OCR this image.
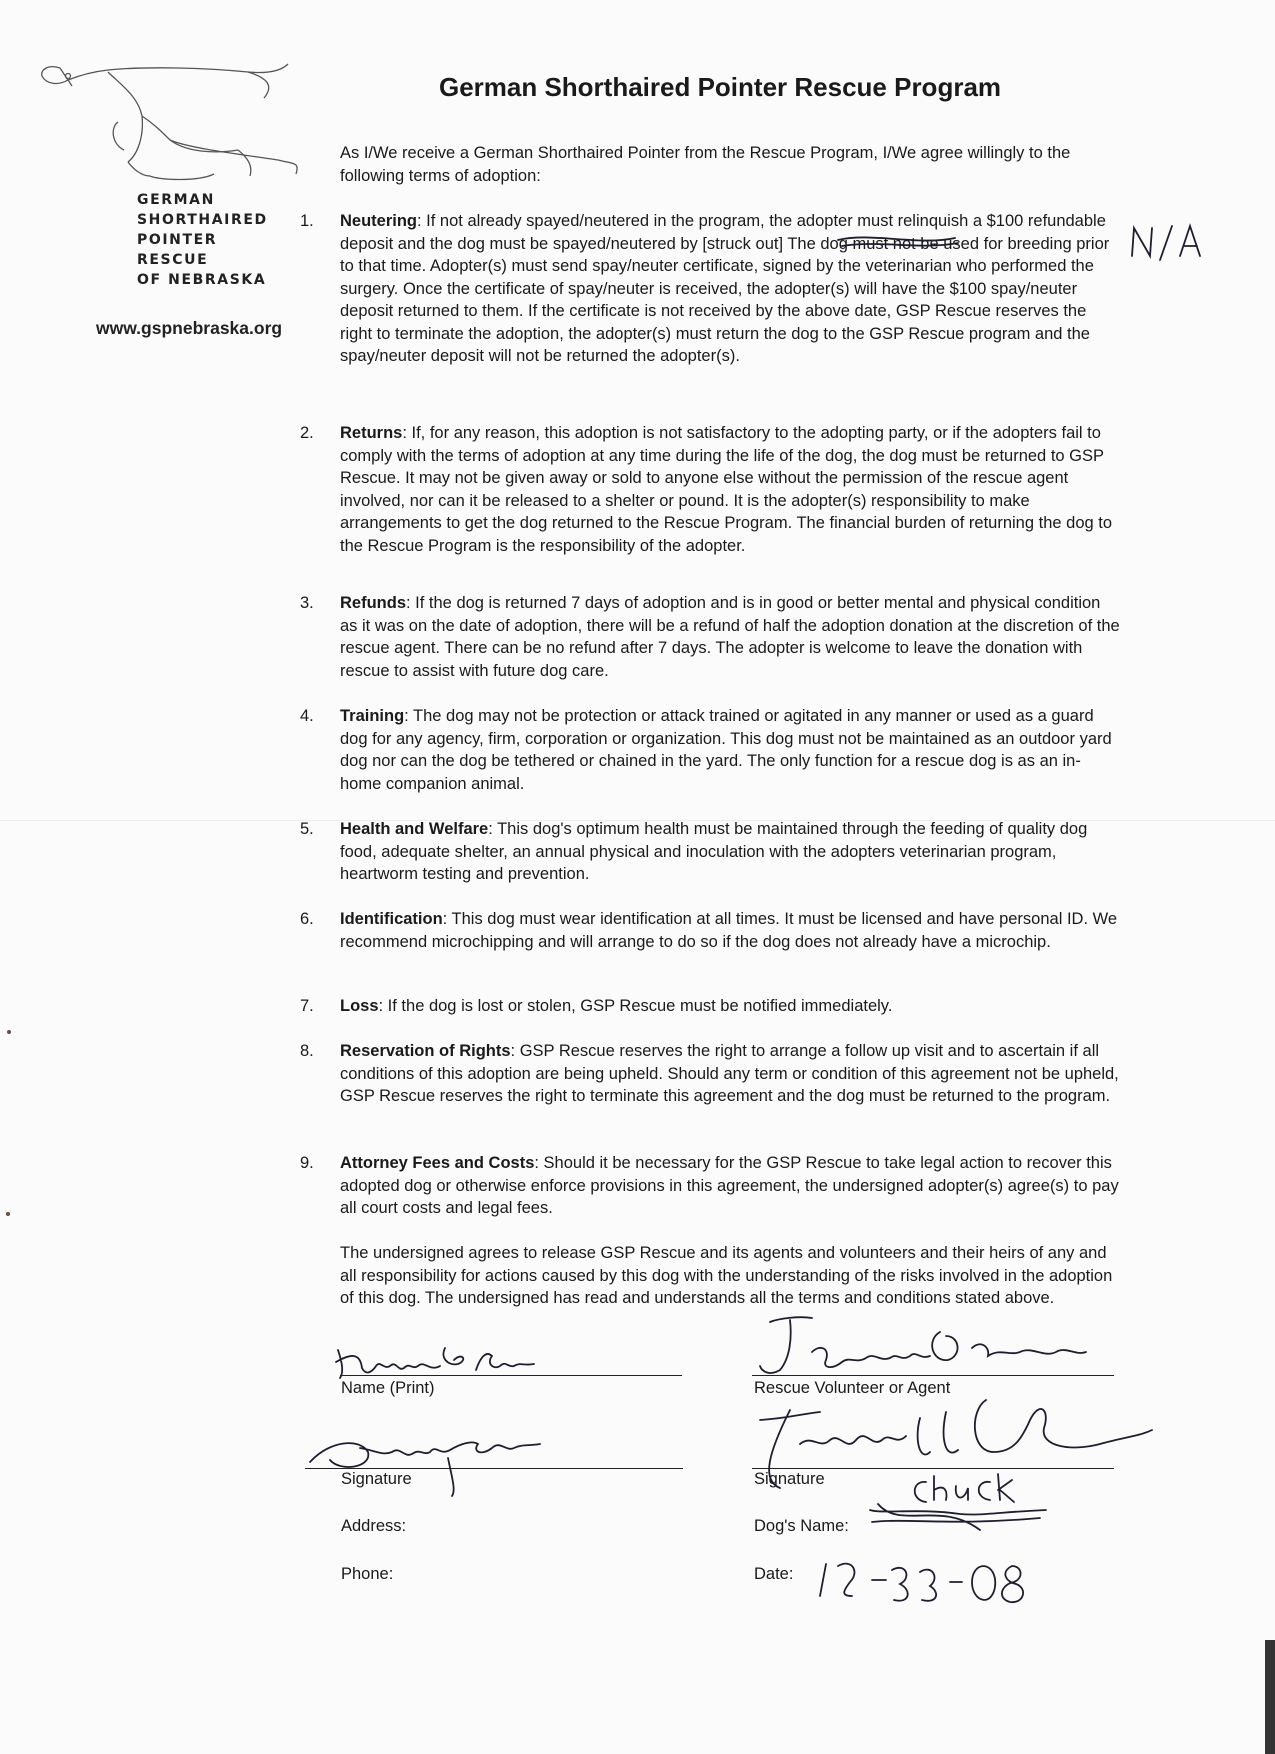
GERMAN
SHORTHAIRED
POINTER
RESCUE
OF NEBRASKA
www.gspnebraska.org
German Shorthaired Pointer Rescue Program
As I/We receive a German Shorthaired Pointer from the Rescue Program, I/We agree willingly to the following terms of adoption:
1.	Neutering: If not already spayed/neutered in the program, the adopter must relinquish a $100 refundable deposit and the dog must be spayed/neutered by [struck out] The dog must not be used for breeding prior to that time. Adopter(s) must send spay/neuter certificate, signed by the veterinarian who performed the surgery. Once the certificate of spay/neuter is received, the adopter(s) will have the $100 spay/neuter deposit returned to them. If the certificate is not received by the above date, GSP Rescue reserves the right to terminate the adoption, the adopter(s) must return the dog to the GSP Rescue program and the spay/neuter deposit will not be returned the adopter(s).
2.	Returns: If, for any reason, this adoption is not satisfactory to the adopting party, or if the adopters fail to comply with the terms of adoption at any time during the life of the dog, the dog must be returned to GSP Rescue. It may not be given away or sold to anyone else without the permission of the rescue agent involved, nor can it be released to a shelter or pound. It is the adopter(s) responsibility to make arrangements to get the dog returned to the Rescue Program. The financial burden of returning the dog to the Rescue Program is the responsibility of the adopter.
3.	Refunds: If the dog is returned 7 days of adoption and is in good or better mental and physical condition as it was on the date of adoption, there will be a refund of half the adoption donation at the discretion of the rescue agent. There can be no refund after 7 days. The adopter is welcome to leave the donation with rescue to assist with future dog care.
4.	Training: The dog may not be protection or attack trained or agitated in any manner or used as a guard dog for any agency, firm, corporation or organization. This dog must not be maintained as an outdoor yard dog nor can the dog be tethered or chained in the yard. The only function for a rescue dog is as an in-home companion animal.
5.	Health and Welfare: This dog's optimum health must be maintained through the feeding of quality dog food, adequate shelter, an annual physical and inoculation with the adopters veterinarian program, heartworm testing and prevention.
6.	Identification: This dog must wear identification at all times. It must be licensed and have personal ID. We recommend microchipping and will arrange to do so if the dog does not already have a microchip.
7.	Loss: If the dog is lost or stolen, GSP Rescue must be notified immediately.
8.	Reservation of Rights: GSP Rescue reserves the right to arrange a follow up visit and to ascertain if all conditions of this adoption are being upheld. Should any term or condition of this agreement not be upheld, GSP Rescue reserves the right to terminate this agreement and the dog must be returned to the program.
9.	Attorney Fees and Costs: Should it be necessary for the GSP Rescue to take legal action to recover this adopted dog or otherwise enforce provisions in this agreement, the undersigned adopter(s) agree(s) to pay all court costs and legal fees.
The undersigned agrees to release GSP Rescue and its agents and volunteers and their heirs of any and all responsibility for actions caused by this dog with the understanding of the risks involved in the adoption of this dog. The undersigned has read and understands all the terms and conditions stated above.
Name (Print)	Rescue Volunteer or Agent
Signature	Signature
Address:	Dog's Name:
Phone:	Date:
